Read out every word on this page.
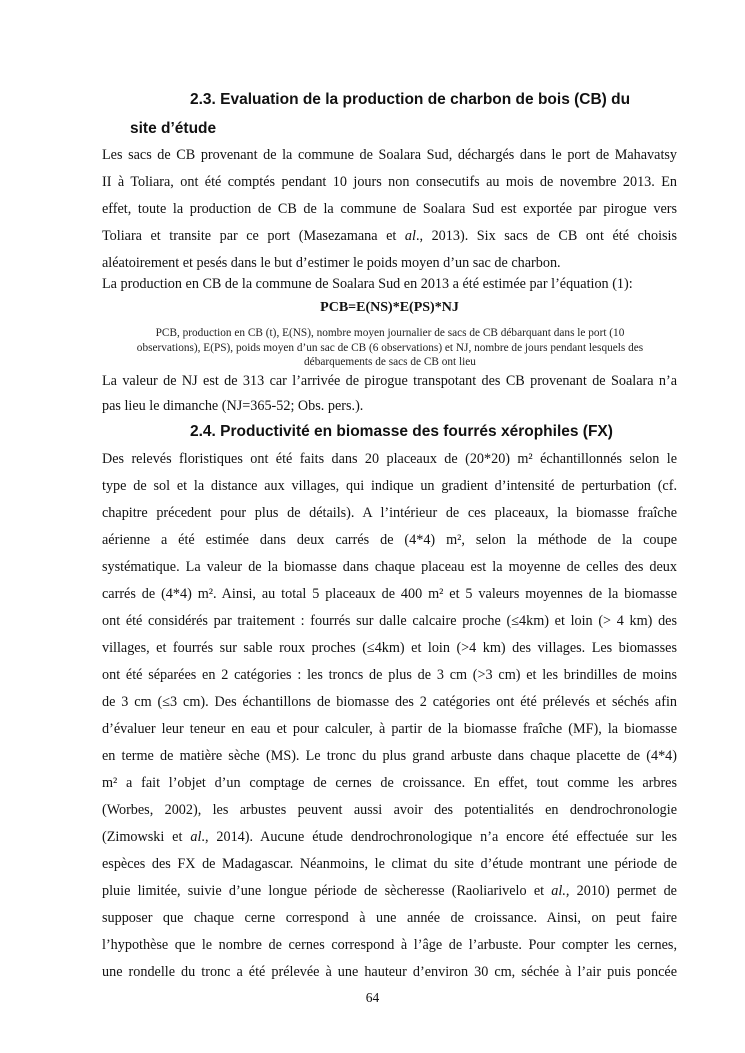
2.3. Evaluation de la production de charbon de bois (CB) du
site d’étude
Les sacs de CB provenant de la commune de Soalara Sud, déchargés dans le port de Mahavatsy
II à Toliara, ont été comptés pendant 10 jours non consecutifs au mois de novembre 2013. En
effet, toute la production de CB de la commune de Soalara Sud est exportée par pirogue vers
Toliara et transite par ce port (Masezamana et al., 2013). Six sacs de CB ont été choisis
aléatoirement et pesés dans le but d’estimer le poids moyen d’un sac de charbon.
La production en CB de la commune de Soalara Sud en 2013 a été estimée par l’équation (1):
PCB=E(NS)*E(PS)*NJ
PCB, production en CB (t), E(NS), nombre moyen journalier de sacs de CB débarquant dans le port (10
observations), E(PS), poids moyen d’un sac de CB (6 observations) et NJ, nombre de jours pendant lesquels des
débarquements de sacs de CB ont lieu
La valeur de NJ est de 313 car l’arrivée de pirogue transpotant des CB provenant de Soalara n’a
pas lieu le dimanche (NJ=365-52; Obs. pers.).
2.4. Productivité en biomasse des fourrés xérophiles (FX)
Des relevés floristiques ont été faits dans 20 placeaux de (20*20) m² échantillonnés selon le
type de sol et la distance aux villages, qui indique un gradient d’intensité de perturbation (cf.
chapitre précedent pour plus de détails). A l’intérieur de ces placeaux, la biomasse fraîche
aérienne a été estimée dans deux carrés de (4*4) m², selon la méthode de la coupe
systématique. La valeur de la biomasse dans chaque placeau est la moyenne de celles des deux
carrés de (4*4) m². Ainsi, au total 5 placeaux de 400 m² et 5 valeurs moyennes de la biomasse
ont été considérés par traitement : fourrés sur dalle calcaire proche (≤4km) et loin (> 4 km) des
villages, et fourrés sur sable roux proches (≤4km) et loin (>4 km) des villages. Les biomasses
ont été séparées en 2 catégories : les troncs de plus de 3 cm (>3 cm) et les brindilles de moins
de 3 cm (≤3 cm). Des échantillons de biomasse des 2 catégories ont été prélevés et séchés afin
d’évaluer leur teneur en eau et pour calculer, à partir de la biomasse fraîche (MF), la biomasse
en terme de matière sèche (MS). Le tronc du plus grand arbuste dans chaque placette de (4*4)
m² a fait l’objet d’un comptage de cernes de croissance. En effet, tout comme les arbres
(Worbes, 2002), les arbustes peuvent aussi avoir des potentialités en dendrochronologie
(Zimowski et al., 2014). Aucune étude dendrochronologique n’a encore été effectuée sur les
espèces des FX de Madagascar. Néanmoins, le climat du site d’étude montrant une période de
pluie limitée, suivie d’une longue période de sècheresse (Raoliarivelo et al., 2010) permet de
supposer que chaque cerne correspond à une année de croissance. Ainsi, on peut faire
l’hypothèse que le nombre de cernes correspond à l’âge de l’arbuste. Pour compter les cernes,
une rondelle du tronc a été prélevée à une hauteur d’environ 30 cm, séchée à l’air puis poncée
64
